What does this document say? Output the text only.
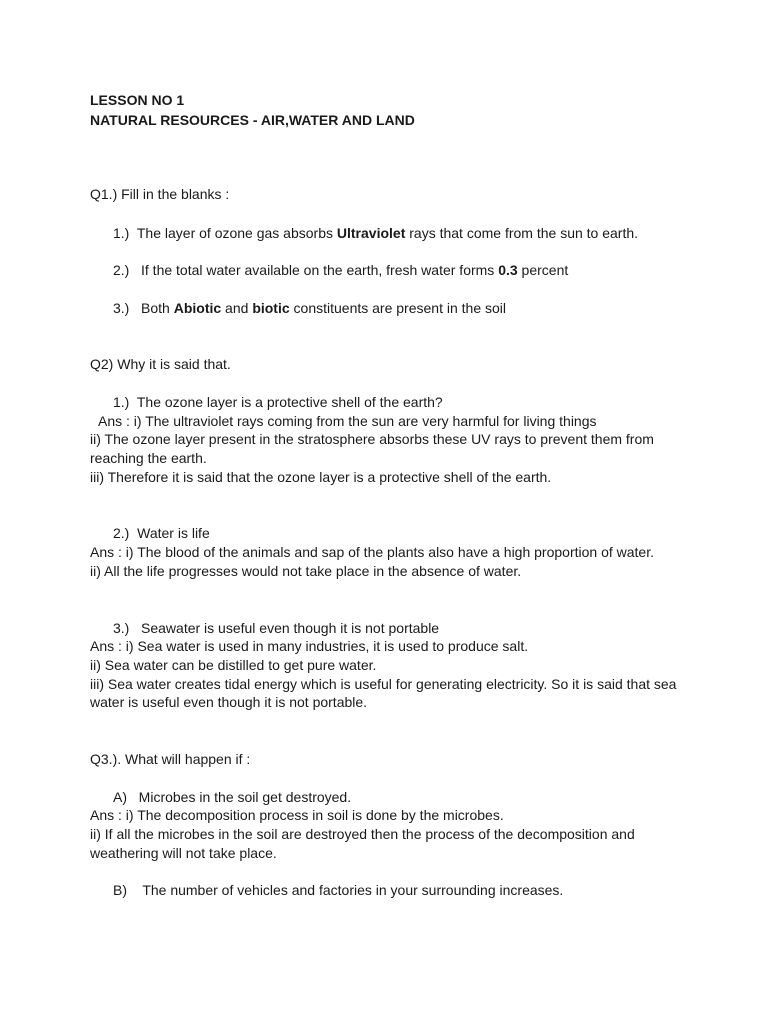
LESSON NO 1
NATURAL RESOURCES - AIR,WATER AND LAND
Q1.) Fill in the blanks :
1.) The layer of ozone gas absorbs Ultraviolet rays that come from the sun to earth.
2.) If the total water available on the earth, fresh water forms 0.3 percent
3.) Both Abiotic and biotic constituents are present in the soil
Q2) Why it is said that.
1.) The ozone layer is a protective shell of the earth?
Ans : i) The ultraviolet rays coming from the sun are very harmful for living things
ii) The ozone layer present in the stratosphere absorbs these UV rays to prevent them from
reaching the earth.
iii) Therefore it is said that the ozone layer is a protective shell of the earth.
2.) Water is life
Ans : i) The blood of the animals and sap of the plants also have a high proportion of water.
ii) All the life progresses would not take place in the absence of water.
3.) Seawater is useful even though it is not portable
Ans : i) Sea water is used in many industries, it is used to produce salt.
ii) Sea water can be distilled to get pure water.
iii) Sea water creates tidal energy which is useful for generating electricity. So it is said that sea
water is useful even though it is not portable.
Q3.). What will happen if :
A) Microbes in the soil get destroyed.
Ans : i) The decomposition process in soil is done by the microbes.
ii) If all the microbes in the soil are destroyed then the process of the decomposition and
weathering will not take place.
B) The number of vehicles and factories in your surrounding increases.
